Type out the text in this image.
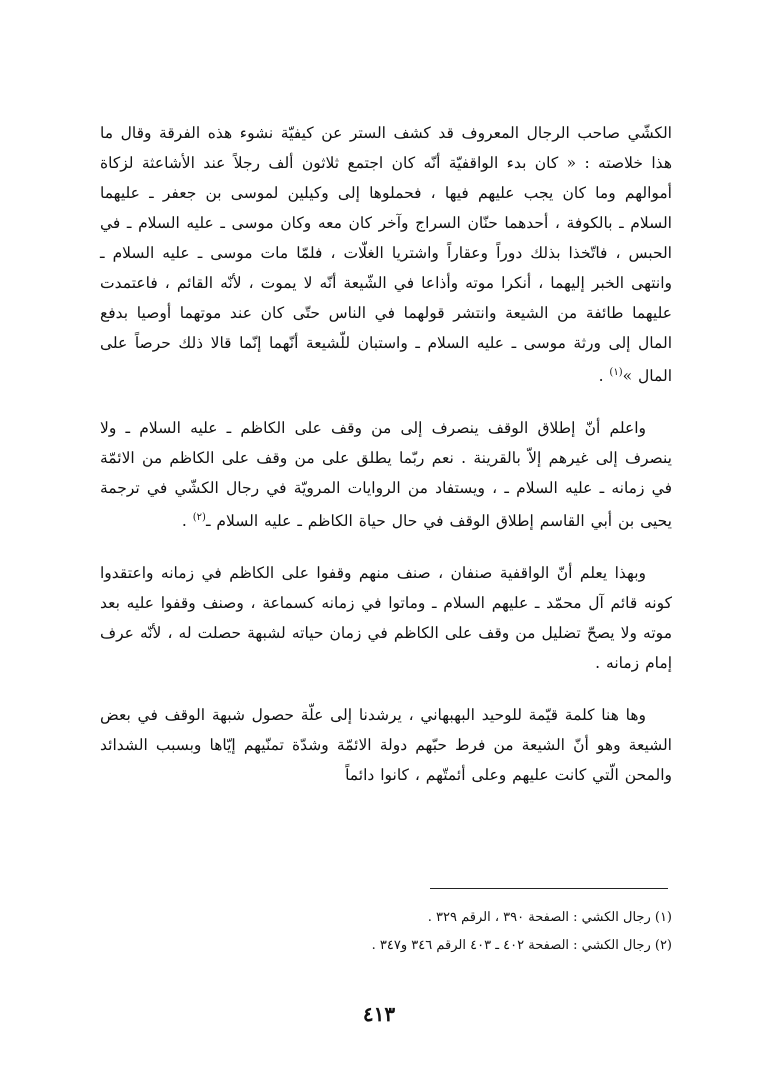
الكشّي صاحب الرجال المعروف قد كشف الستر عن كيفيّة نشوء هذه الفرقة وقال ما هذا خلاصته : « كان بدء الواقفيّة أنّه كان اجتمع ثلاثون ألف رجلاً عند الأشاعثة لزكاة أموالهم وما كان يجب عليهم فيها ، فحملوها إلى وكيلين لموسى بن جعفر ـ عليهما السلام ـ بالكوفة ، أحدهما حنّان السراج وآخر كان معه وكان موسى ـ عليه السلام ـ في الحبس ، فاتّخذا بذلك دوراً وعقاراً واشتريا الغلّات ، فلمّا مات موسى ـ عليه السلام ـ وانتهى الخبر إليهما ، أنكرا موته وأذاعا في الشّيعة أنّه لا يموت ، لأنّه القائم ، فاعتمدت عليهما طائفة من الشيعة وانتشر قولهما في الناس حتّى كان عند موتهما أوصيا بدفع المال إلى ورثة موسى ـ عليه السلام ـ واستبان للّشيعة أنّهما إنّما قالا ذلك حرصاً على المال »$^{(١)}$ .

واعلم أنّ إطلاق الوقف ينصرف إلى من وقف على الكاظم ـ عليه السلام ـ ولا ينصرف إلى غيرهم إلاّ بالقرينة . نعم ربّما يطلق على من وقف على الكاظم من الائمّة في زمانه ـ عليه السلام ـ ، ويستفاد من الروايات المرويّة في رجال الكشّي في ترجمة يحيى بن أبي القاسم إطلاق الوقف في حال حياة الكاظم ـ عليه السلام ـ$^{(٢)}$ .

وبهذا يعلم أنّ الواقفية صنفان ، صنف منهم وقفوا على الكاظم في زمانه واعتقدوا كونه قائم آل محمّد ـ عليهم السلام ـ وماتوا في زمانه كسماعة ، وصنف وقفوا عليه بعد موته ولا يصحّ تضليل من وقف على الكاظم في زمان حياته لشبهة حصلت له ، لأنّه عرف إمام زمانه .

وها هنا كلمة قيّمة للوحيد البهبهاني ، يرشدنا إلى علّة حصول شبهة الوقف في بعض الشيعة وهو أنّ الشيعة من فرط حبّهم دولة الائمّة وشدّة تمنّيهم إيّاها وبسبب الشدائد والمحن الّتي كانت عليهم وعلى أئمتّهم ، كانوا دائماً

(١) رجال الكشي : الصفحة ٣٩٠ ، الرقم ٣٢٩ .

(٢) رجال الكشي : الصفحة ٤٠٢ ـ ٤٠٣ الرقم ٣٤٦ و٣٤٧ .

٤١٣
